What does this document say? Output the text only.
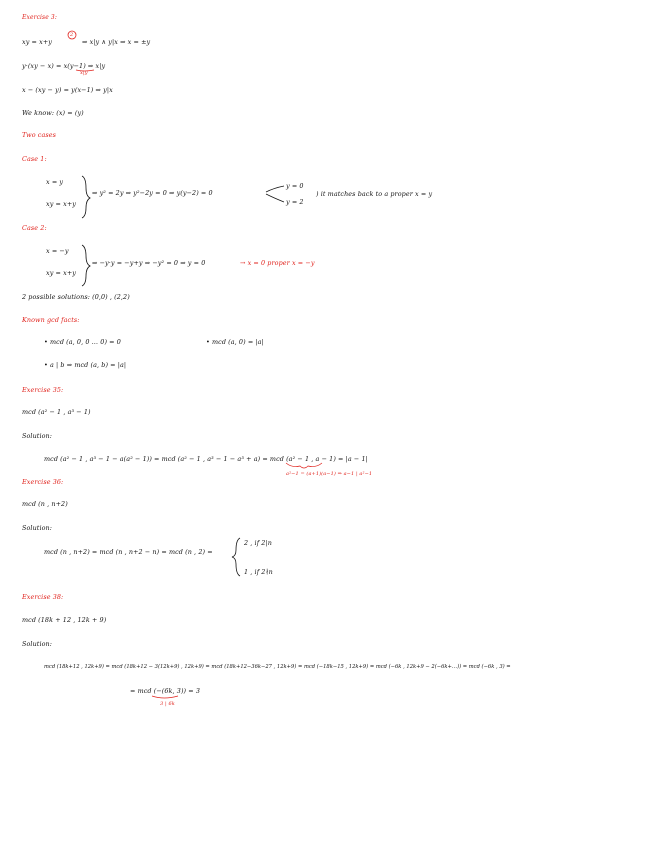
Exercise 3:
xy = x+y
2
⇒ x|y ∧ y|x ⇒ x = ±y
y·(xy − x) = x(y−1) ⇒ x|y
x|y
x − (xy − y) = y(x−1) ⇒ y|x
We know: (x) = (y)
Two cases
Case 1:
x = y
xy = x+y
⇒ y² = 2y ⇒ y²−2y = 0 ⇒ y(y−2) = 0
y = 0
y = 2
) it matches back to a proper x = y
Case 2:
x = −y
xy = x+y
⇒ −y·y = −y+y ⇒ −y² = 0 ⇒ y = 0	→ x = 0 proper x = −y
2 possible solutions: (0,0) , (2,2)
Known gcd facts:
• mcd (a, 0, 0 … 0) = 0	• mcd (a, 0) = |a|
• a | b ⇒ mcd (a, b) = |a|
Exercise 35:
mcd (a² − 1 , a³ − 1)
Solution:
mcd (a² − 1 , a³ − 1 − a(a² − 1)) = mcd (a² − 1 , a³ − 1 − a³ + a) = mcd (a² − 1 , a − 1) = |a − 1|
a²−1 = (a+1)(a−1) ⇒ a−1 | a²−1
Exercise 36:
mcd (n , n+2)
Solution:
mcd (n , n+2) = mcd (n , n+2 − n) = mcd (n , 2) =
2 , if 2|n
1 , if 2∤n
Exercise 38:
mcd (18k + 12 , 12k + 9)
Solution:
mcd (18k+12 , 12k+9) = mcd (18k+12 − 3(12k+9) , 12k+9) = mcd (18k+12−36k−27 , 12k+9) = mcd (−18k−15 , 12k+9) = mcd (−6k , 12k+9 − 2(−6k+…)) = mcd (−6k , 3) =
= mcd (−(6k, 3)) = 3
3 | 6k
